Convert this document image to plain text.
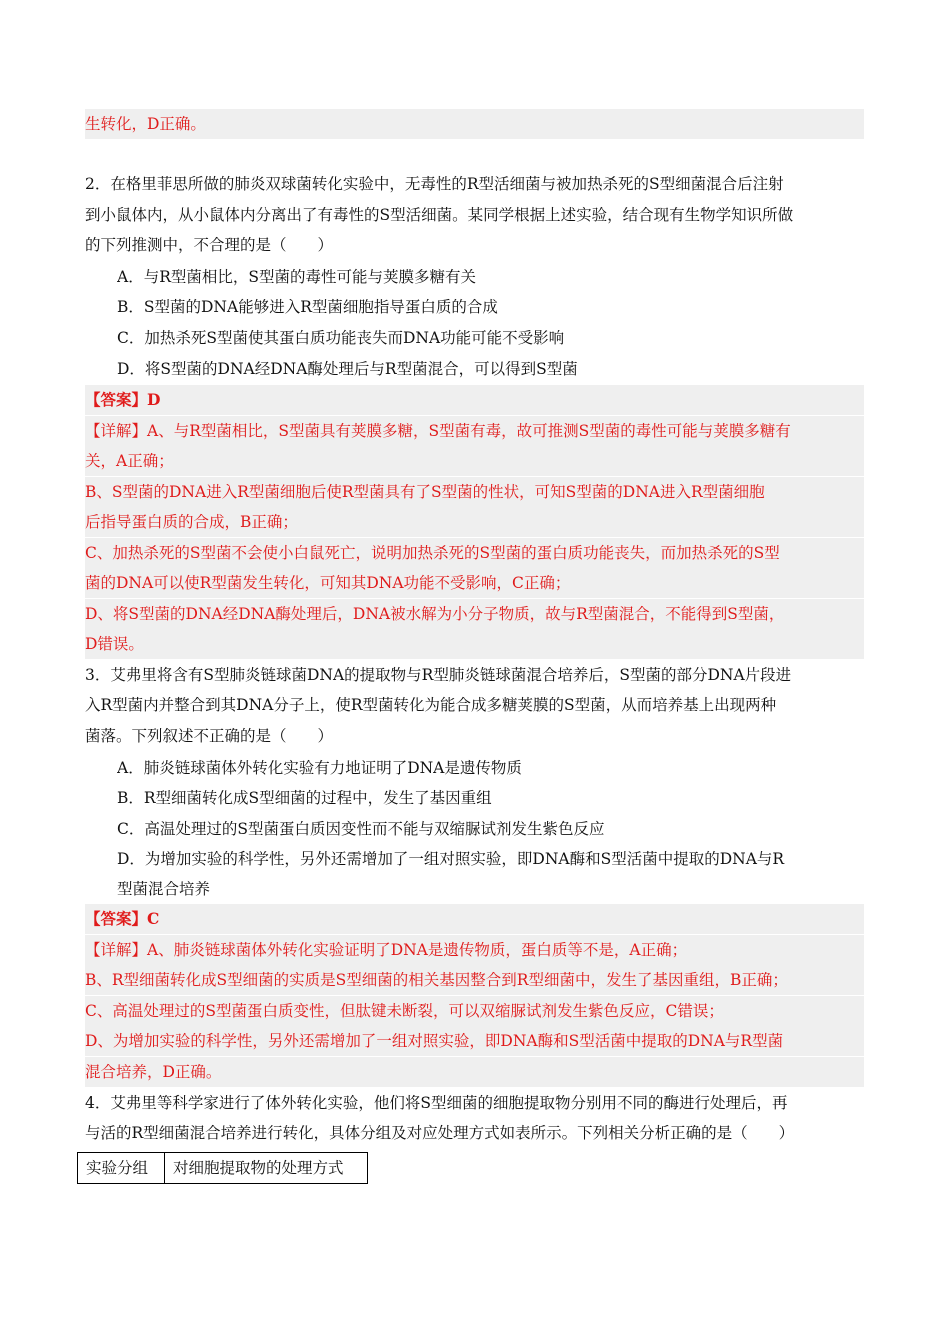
生转化，D正确。
2．在格里菲思所做的肺炎双球菌转化实验中，无毒性的R型活细菌与被加热杀死的S型细菌混合后注射
到小鼠体内，从小鼠体内分离出了有毒性的S型活细菌。某同学根据上述实验，结合现有生物学知识所做
的下列推测中，不合理的是（　　）
A．与R型菌相比，S型菌的毒性可能与荚膜多糖有关
B．S型菌的DNA能够进入R型菌细胞指导蛋白质的合成
C．加热杀死S型菌使其蛋白质功能丧失而DNA功能可能不受影响
D．将S型菌的DNA经DNA酶处理后与R型菌混合，可以得到S型菌
【答案】D
【详解】A、与R型菌相比，S型菌具有荚膜多糖，S型菌有毒，故可推测S型菌的毒性可能与荚膜多糖有
关，A正确；
B、S型菌的DNA进入R型菌细胞后使R型菌具有了S型菌的性状，可知S型菌的DNA进入R型菌细胞
后指导蛋白质的合成，B正确；
C、加热杀死的S型菌不会使小白鼠死亡，说明加热杀死的S型菌的蛋白质功能丧失，而加热杀死的S型
菌的DNA可以使R型菌发生转化，可知其DNA功能不受影响，C正确；
D、将S型菌的DNA经DNA酶处理后，DNA被水解为小分子物质，故与R型菌混合，不能得到S型菌，
D错误。
3．艾弗里将含有S型肺炎链球菌DNA的提取物与R型肺炎链球菌混合培养后，S型菌的部分DNA片段进
入R型菌内并整合到其DNA分子上，使R型菌转化为能合成多糖荚膜的S型菌，从而培养基上出现两种
菌落。下列叙述不正确的是（　　）
A．肺炎链球菌体外转化实验有力地证明了DNA是遗传物质
B．R型细菌转化成S型细菌的过程中，发生了基因重组
C．高温处理过的S型菌蛋白质因变性而不能与双缩脲试剂发生紫色反应
D．为增加实验的科学性，另外还需增加了一组对照实验，即DNA酶和S型活菌中提取的DNA与R
型菌混合培养
【答案】C
【详解】A、肺炎链球菌体外转化实验证明了DNA是遗传物质，蛋白质等不是，A正确；
B、R型细菌转化成S型细菌的实质是S型细菌的相关基因整合到R型细菌中，发生了基因重组，B正确；
C、高温处理过的S型菌蛋白质变性，但肽键未断裂，可以双缩脲试剂发生紫色反应，C错误；
D、为增加实验的科学性，另外还需增加了一组对照实验，即DNA酶和S型活菌中提取的DNA与R型菌
混合培养，D正确。
4．艾弗里等科学家进行了体外转化实验，他们将S型细菌的细胞提取物分别用不同的酶进行处理后，再
与活的R型细菌混合培养进行转化，具体分组及对应处理方式如表所示。下列相关分析正确的是（　　）
实验分组	对细胞提取物的处理方式
